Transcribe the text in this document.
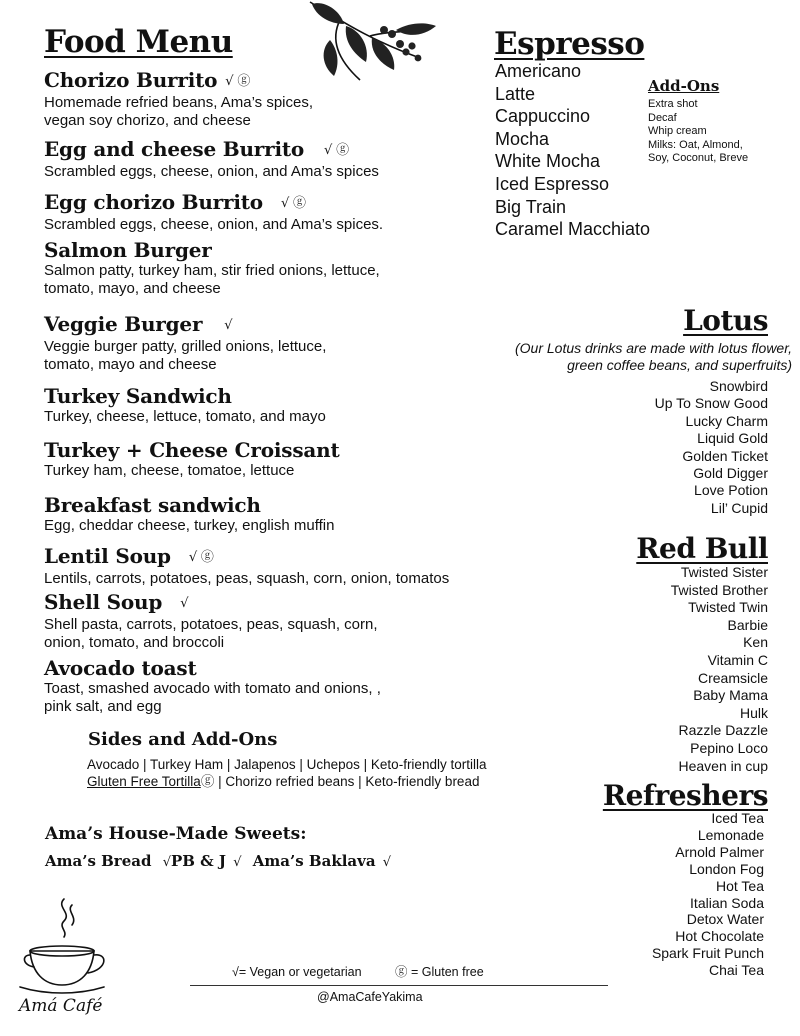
Food Menu
Chorizo Burrito √ ⓖ
Homemade refried beans, Ama’s spices,
vegan soy chorizo, and cheese
Egg and cheese Burrito √ ⓖ
Scrambled eggs, cheese, onion, and Ama’s spices
Egg chorizo Burrito √ ⓖ
Scrambled eggs, cheese, onion, and Ama’s spices.
Salmon Burger
Salmon patty, turkey ham, stir fried onions, lettuce,
tomato, mayo, and cheese
Veggie Burger √
Veggie burger patty, grilled onions, lettuce,
tomato, mayo and cheese
Turkey Sandwich
Turkey, cheese, lettuce, tomato, and mayo
Turkey + Cheese Croissant
Turkey ham, cheese, tomatoe, lettuce
Breakfast sandwich
Egg, cheddar cheese, turkey, english muffin
Lentil Soup √ ⓖ
Lentils, carrots, potatoes, peas, squash, corn, onion, tomatos
Shell Soup √
Shell pasta, carrots, potatoes, peas, squash, corn,
onion, tomato, and broccoli
Avocado toast
Toast, smashed avocado with tomato and onions, ,
pink salt, and egg
Sides and Add-Ons
Avocado | Turkey Ham | Jalapenos | Uchepos | Keto-friendly tortilla
Gluten Free Tortillaⓖ | Chorizo refried beans | Keto-friendly bread
Ama’s House-Made Sweets:
Ama’s Bread √PB & J √ Ama’s Baklava √
Amá Café
√= Vegan or vegetarian	ⓖ = Gluten free
@AmaCafeYakima
Espresso
Americano
Latte
Cappuccino
Mocha
White Mocha
Iced Espresso
Big Train
Caramel Macchiato
Add-Ons
Extra shot
Decaf
Whip cream
Milks: Oat, Almond,
Soy, Coconut, Breve
Lotus
(Our Lotus drinks are made with lotus flower,
green coffee beans, and superfruits)
Snowbird
Up To Snow Good
Lucky Charm
Liquid Gold
Golden Ticket
Gold Digger
Love Potion
Lil’ Cupid
Red Bull
Twisted Sister
Twisted Brother
Twisted Twin
Barbie
Ken
Vitamin C
Creamsicle
Baby Mama
Hulk
Razzle Dazzle
Pepino Loco
Heaven in cup
Refreshers
Iced Tea
Lemonade
Arnold Palmer
London Fog
Hot Tea
Italian Soda
Detox Water
Hot Chocolate
Spark Fruit Punch
Chai Tea
